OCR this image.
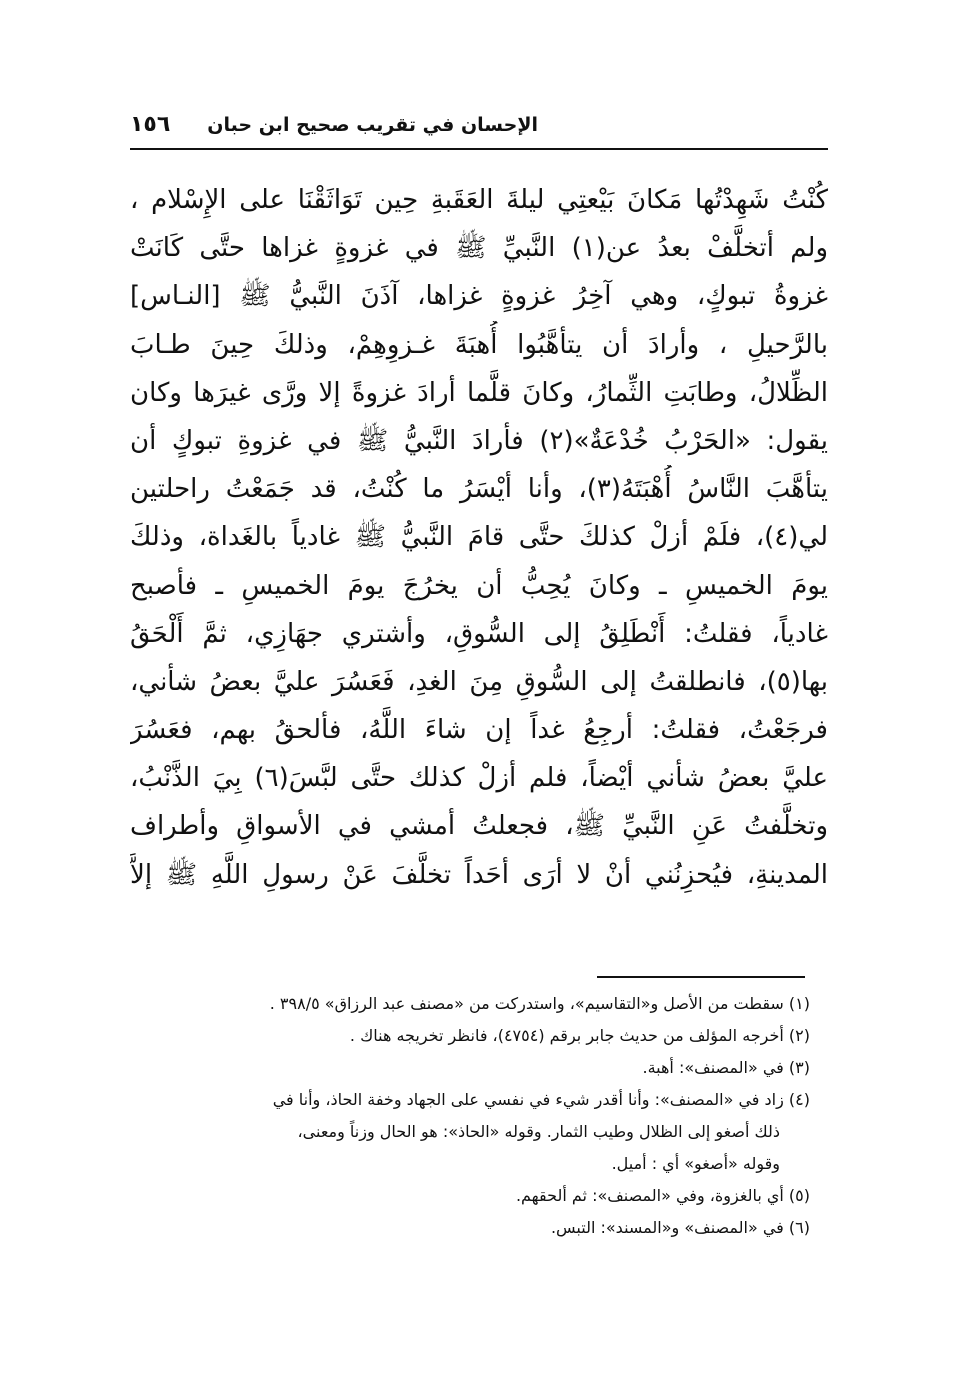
الإحسان في تقريب صحيح ابن حبان
١٥٦
كُنْتُ شَهِدْتُها مَكانَ بَيْعتِي ليلةَ العَقَبةِ حِين تَوَاثَقْنَا على الإِسْلام ،
ولم أتخلَّفْ بعدُ عن(١) النَّبيِّ ﷺ في غزوةٍ غزاها حتَّى كَانَتْ
غزوةُ تبوكٍ، وهي آخِرُ غزوةٍ غزاها، آذَنَ النَّبيُّ ﷺ [النـاس]
بالرَّحيلِ ، وأرادَ أن يتأهَّبُوا أُهبَةَ غـزوِهِمْ، وذلكَ حِينَ طـابَ
الظِّلالُ، وطابَتِ الثِّمارُ، وكانَ قلَّما أرادَ غزوةً إلا ورَّى غيرَها وكان
يقول: «الحَرْبُ خُدْعَةٌ»(٢) فأرادَ النَّبيُّ ﷺ في غزوةِ تبوكٍ أن
يتأهَّبَ النَّاسُ أُهْبَتَهُ(٣)، وأنا أيْسَرُ ما كُنْتُ، قد جَمَعْتُ راحلتين
لي(٤)، فلَمْ أزلْ كذلكَ حتَّى قامَ النَّبيُّ ﷺ غادياً بالغَداة، وذلكَ
يومَ الخميسِ ـ وكانَ يُحِبُّ أن يخرُجَ يومَ الخميسِ ـ فأصبح
غادياً، فقلتُ: أَنْطَلِقُ إلى السُّوقِ، وأشتري جهَازِي، ثمَّ أَلْحَقُ
بها(٥)، فانطلقتُ إلى السُّوقِ مِنَ الغدِ، فَعَسُرَ عليَّ بعضُ شأني،
فرجَعْتُ، فقلتُ: أرجِعُ غداً إن شاءَ اللَّهُ، فألحقُ بهم، فعَسُرَ
عليَّ بعضُ شأني أيْضاً، فلم أزلْ كذلك حتَّى لبَّسَ(٦) بِيَ الذَّنْبُ،
وتخلَّفتُ عَنِ النَّبيِّ ﷺ، فجعلتُ أمشي في الأسواقِ وأطراف
المدينةِ، فيُحزِنُني أنْ لا أرَى أحَداً تخلَّفَ عَنْ رسولِ اللَّهِ ﷺ إلاَّ
(١) سقطت من الأصل و«التقاسيم»، واستدركت من «مصنف عبد الرزاق» ٣٩٨/٥ .
(٢) أخرجه المؤلف من حديث جابر برقم (٤٧٥٤)، فانظر تخريجه هناك .
(٣) في «المصنف»: أهبة.
(٤) زاد في «المصنف»: وأنا أقدر شيء في نفسي على الجهاد وخفة الحاذ، وأنا في
ذلك أصغو إلى الظلال وطيب الثمار. وقوله «الحاذ»: هو الحال وزناً ومعنى،
وقوله «أصغو» أي : أميل.
(٥) أي بالغزوة، وفي «المصنف»: ثم ألحقهم.
(٦) في «المصنف» و«المسند»: التبس.
